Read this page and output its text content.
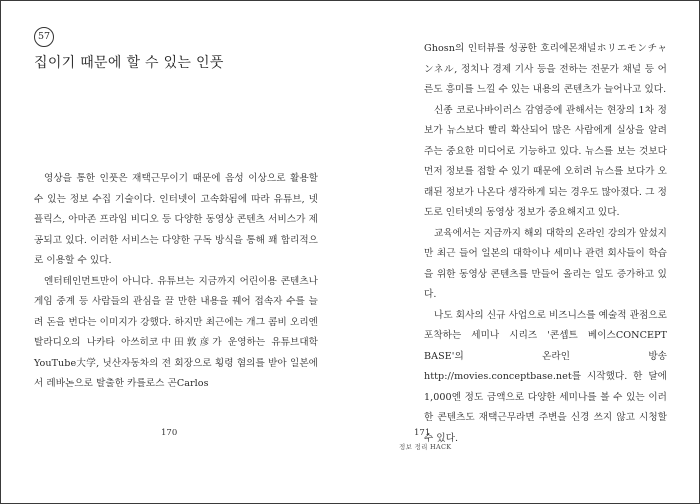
57
집이기 때문에 할 수 있는 인풋

영상을 통한 인풋은 재택근무이기 때문에 음성 이상으로 활용할 수 있는 정보 수집 기술이다. 인터넷이 고속화됨에 따라 유튜브, 넷플릭스, 아마존 프라임 비디오 등 다양한 동영상 콘텐츠 서비스가 제공되고 있다. 이러한 서비스는 다양한 구독 방식을 통해 꽤 합리적으로 이용할 수 있다.

엔터테인먼트만이 아니다. 유튜브는 지금까지 어린이용 콘텐츠나 게임 중계 등 사람들의 관심을 끌 만한 내용을 꿰어 접속자 수를 늘려 돈을 번다는 이미지가 강했다. 하지만 최근에는 개그 콤비 오리엔탈라디오의 나카타 아쓰히코中田敦彦가 운영하는 유튜브대학YouTube大学, 닛산자동차의 전 회장으로 횡령 혐의를 받아 일본에서 레바논으로 탈출한 카를로스 곤Carlos

170

Ghosn의 인터뷰를 성공한 호리에몬채널ホリエモンチャンネル, 정치나 경제 기사 등을 전하는 전문가 채널 등 어른도 흥미를 느낄 수 있는 내용의 콘텐츠가 늘어나고 있다.

신종 코로나바이러스 감염증에 관해서는 현장의 1차 정보가 뉴스보다 빨리 확산되어 많은 사람에게 실상을 알려주는 중요한 미디어로 기능하고 있다. 뉴스를 보는 것보다 먼저 정보를 접할 수 있기 때문에 오히려 뉴스를 보다가 오래된 정보가 나온다 생각하게 되는 경우도 많아졌다. 그 정도로 인터넷의 동영상 정보가 중요해지고 있다.

교육에서는 지금까지 해외 대학의 온라인 강의가 앞섰지만 최근 들어 일본의 대학이나 세미나 관련 회사들이 학습을 위한 동영상 콘텐츠를 만들어 올리는 일도 증가하고 있다.

나도 회사의 신규 사업으로 비즈니스를 예술적 관점으로 포착하는 세미나 시리즈 '콘셉트 베이스CONCEPT BASE'의 온라인 방송 http://movies.conceptbase.net를 시작했다. 한 달에 1,000엔 정도 금액으로 다양한 세미나를 볼 수 있는 이러한 콘텐츠도 재택근무라면 주변을 신경 쓰지 않고 시청할 수 있다.

171
정보 정리 HACK
